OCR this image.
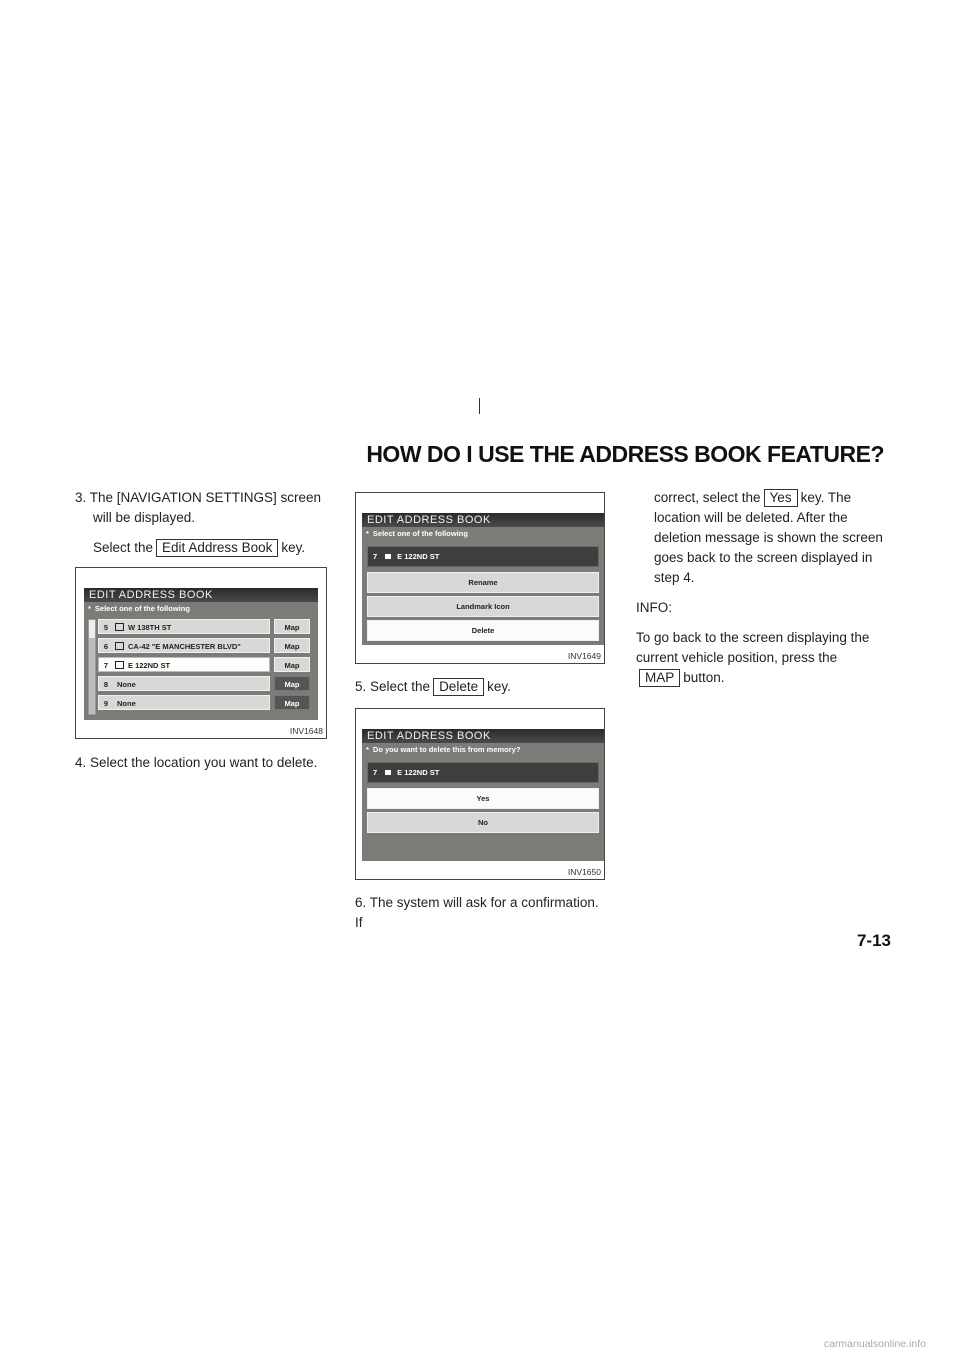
HOW DO I USE THE ADDRESS BOOK FEATURE?

3. The [NAVIGATION SETTINGS] screen will be displayed.

Select the Edit Address Book key.

EDIT ADDRESS BOOK
* Select one of the following
5	W 138TH ST	Map
6	CA-42 "E MANCHESTER BLVD"	Map
7	E 122ND ST	Map
8 None	Map
9 None	Map
INV1648

4. Select the location you want to delete.

EDIT ADDRESS BOOK
* Select one of the following
7	E 122ND ST
Rename
Landmark Icon
Delete
INV1649

5. Select the Delete key.

EDIT ADDRESS BOOK
* Do you want to delete this from memory?
7	E 122ND ST
Yes
No
INV1650

6. The system will ask for a confirmation. If

correct, select the Yes key. The location will be deleted. After the deletion message is shown the screen goes back to the screen displayed in step 4.

INFO:

To go back to the screen displaying the current vehicle position, press theMAP button.

7-13
carmanualsonline.info
